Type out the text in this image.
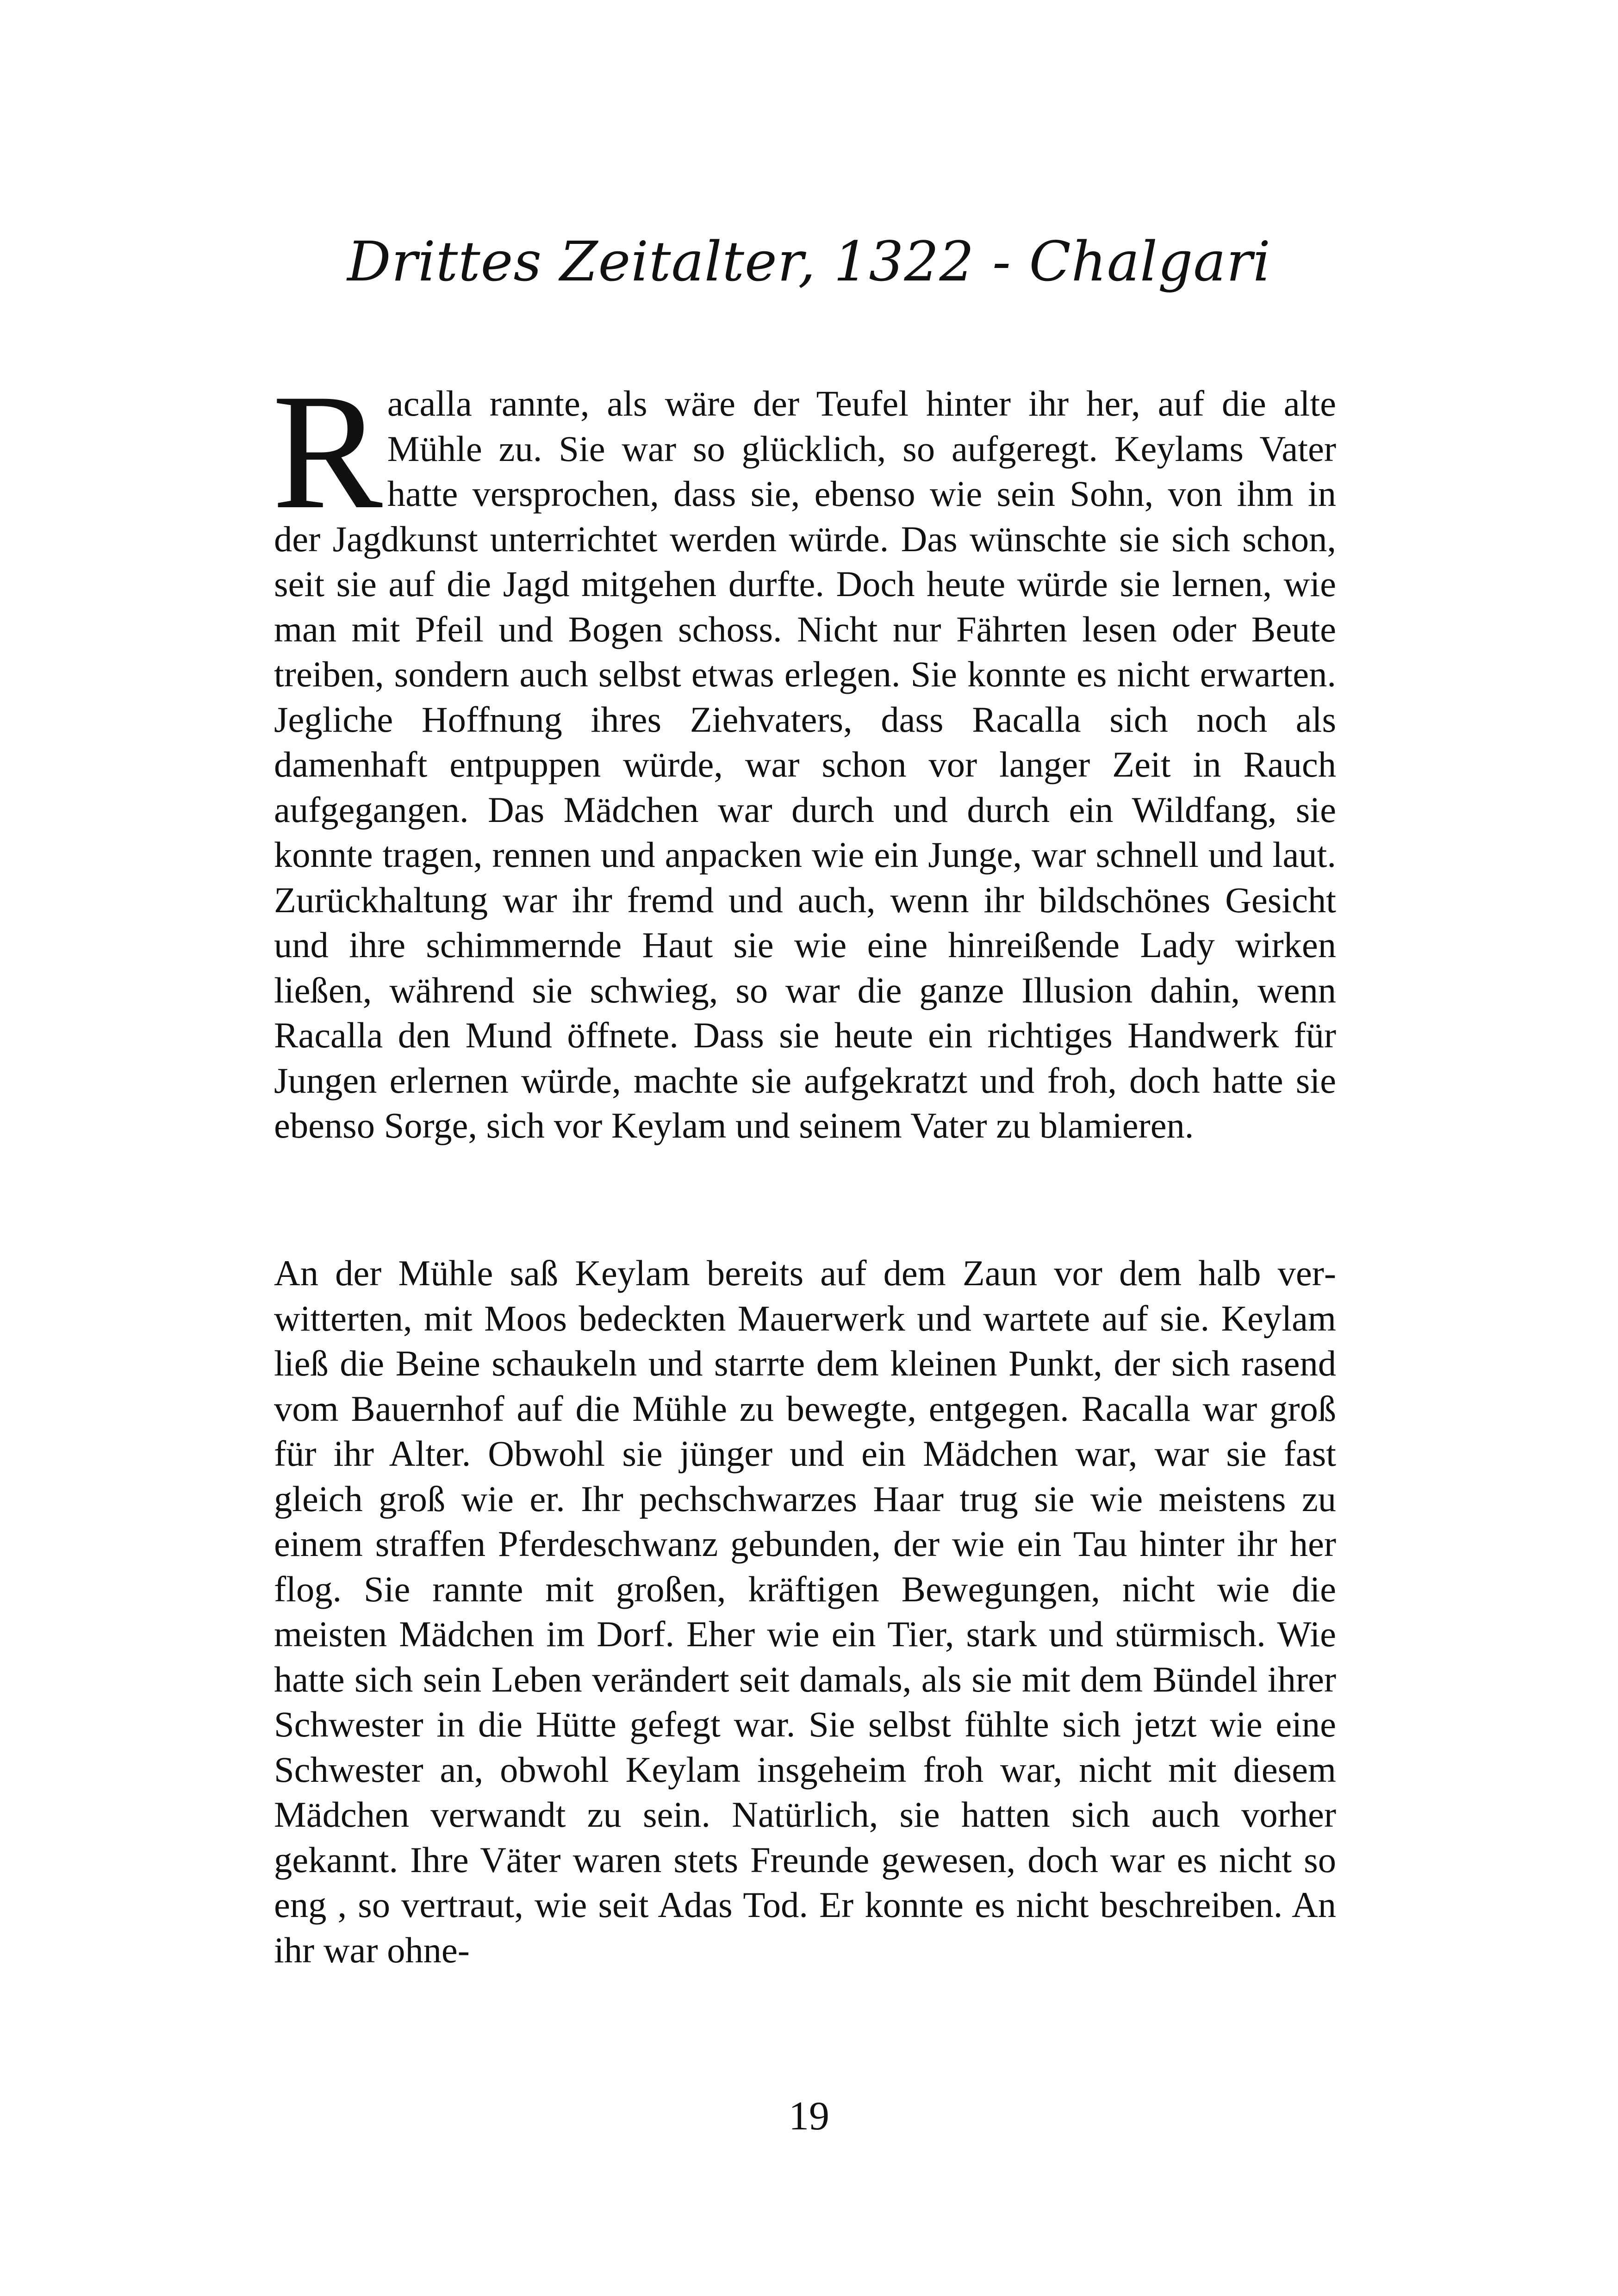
Drittes Zeitalter, 1322 - Chalgari

Racalla rannte, als wäre der Teufel hinter ihr her, auf die alte Mühle zu. Sie war so glücklich, so aufgeregt. Keylams Vater hatte versprochen, dass sie, ebenso wie sein Sohn, von ihm in der Jagdkunst unterrichtet werden würde. Das wünschte sie sich schon, seit sie auf die Jagd mitgehen durfte. Doch heute würde sie lernen, wie man mit Pfeil und Bogen schoss. Nicht nur Fährten lesen oder Beute treiben, sondern auch selbst etwas erlegen. Sie konnte es nicht erwarten. Jegliche Hoffnung ihres Ziehvaters, dass Racalla sich noch als damenhaft entpuppen würde, war schon vor langer Zeit in Rauch aufgegangen. Das Mädchen war durch und durch ein Wildfang, sie konnte tragen, rennen und anpacken wie ein Junge, war schnell und laut. Zurückhaltung war ihr fremd und auch, wenn ihr bildschönes Gesicht und ihre schimmernde Haut sie wie eine hinreißende Lady wirken ließen, während sie schwieg, so war die ganze Illusion dahin, wenn Racalla den Mund öffnete. Dass sie heute ein richtiges Handwerk für Jungen erlernen würde, machte sie aufgekratzt und froh, doch hatte sie ebenso Sorge, sich vor Keylam und seinem Vater zu blamieren.

An der Mühle saß Keylam bereits auf dem Zaun vor dem halb verwitterten, mit Moos bedeckten Mauerwerk und wartete auf sie. Keylam ließ die Beine schaukeln und starrte dem kleinen Punkt, der sich rasend vom Bauernhof auf die Mühle zu bewegte, entgegen. Racalla war groß für ihr Alter. Obwohl sie jünger und ein Mädchen war, war sie fast gleich groß wie er. Ihr pechschwarzes Haar trug sie wie meistens zu einem straffen Pferdeschwanz gebunden, der wie ein Tau hinter ihr her flog. Sie rannte mit großen, kräftigen Bewegungen, nicht wie die meisten Mädchen im Dorf. Eher wie ein Tier, stark und stürmisch. Wie hatte sich sein Leben verändert seit damals, als sie mit dem Bündel ihrer Schwester in die Hütte gefegt war. Sie selbst fühlte sich jetzt wie eine Schwester an, obwohl Keylam insgeheim froh war, nicht mit diesem Mädchen verwandt zu sein. Natürlich, sie hatten sich auch vorher gekannt. Ihre Väter waren stets Freunde gewesen, doch war es nicht so eng , so vertraut, wie seit Adas Tod. Er konnte es nicht beschreiben. An ihr war ohne-

19
